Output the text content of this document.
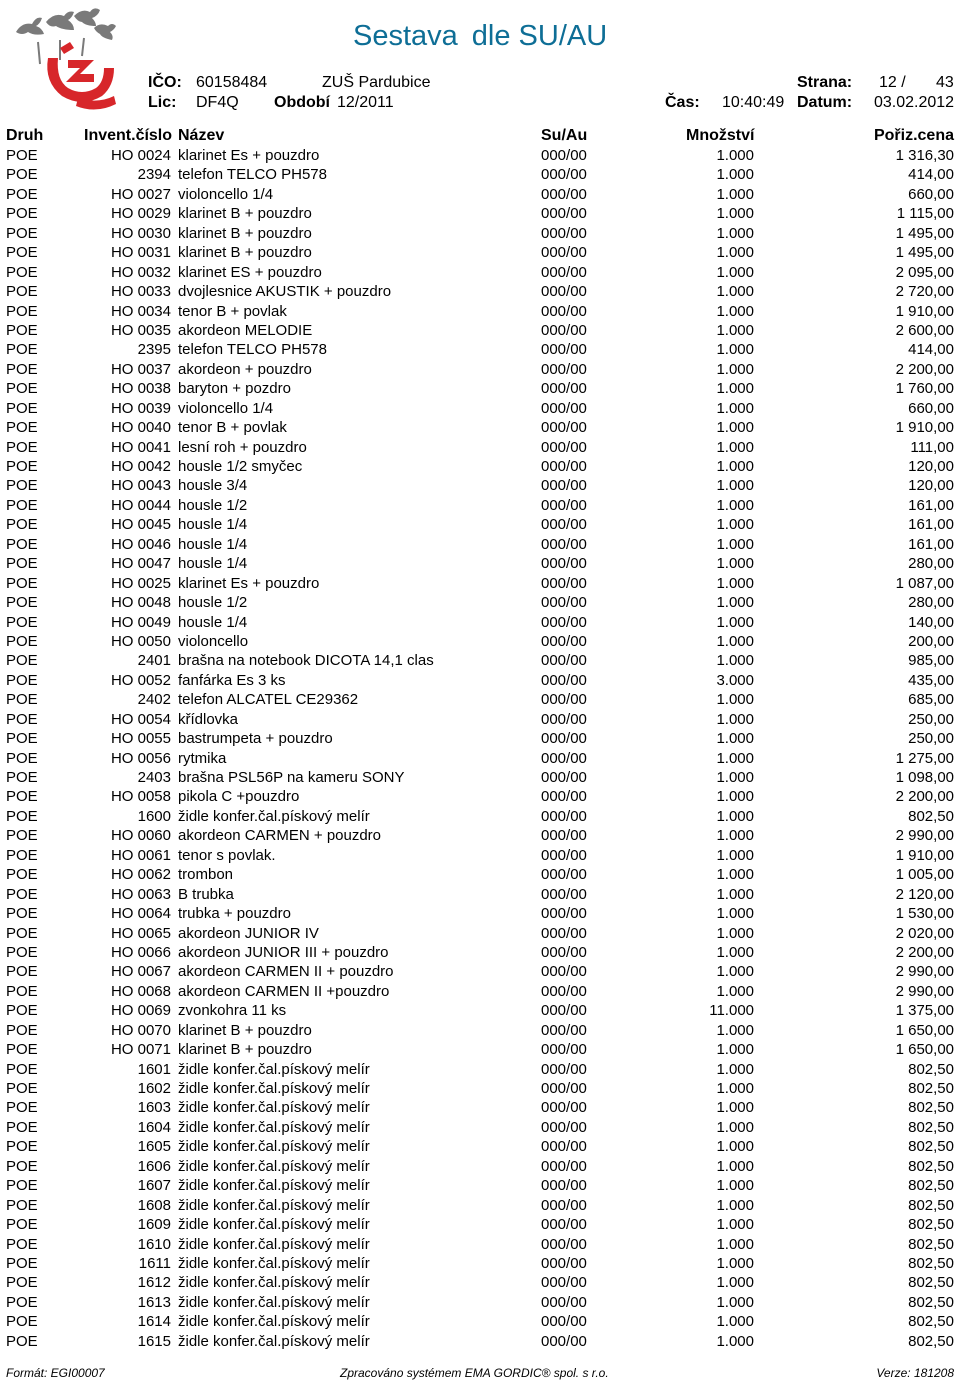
Sestava dle SU/AU
IČO: 60158484	ZUŠ Pardubice	Strana: 12 / 43
Lic: DF4Q Období 12/2011	Čas: 10:40:49 Datum: 03.02.2012
Druh	Invent.číslo Název	Su/Au	Množství	Pořiz.cena
POE	HO 0024 klarinet Es + pouzdro	000/00	1.000	1 316,30
POE	2394 telefon TELCO PH578	000/00	1.000	414,00
POE	HO 0027 violoncello 1/4	000/00	1.000	660,00
POE	HO 0029 klarinet B + pouzdro	000/00	1.000	1 115,00
POE	HO 0030 klarinet B + pouzdro	000/00	1.000	1 495,00
POE	HO 0031 klarinet B + pouzdro	000/00	1.000	1 495,00
POE	HO 0032 klarinet ES + pouzdro	000/00	1.000	2 095,00
POE	HO 0033 dvojlesnice AKUSTIK + pouzdro	000/00	1.000	2 720,00
POE	HO 0034 tenor B + povlak	000/00	1.000	1 910,00
POE	HO 0035 akordeon MELODIE	000/00	1.000	2 600,00
POE	2395 telefon TELCO PH578	000/00	1.000	414,00
POE	HO 0037 akordeon + pouzdro	000/00	1.000	2 200,00
POE	HO 0038 baryton + pozdro	000/00	1.000	1 760,00
POE	HO 0039 violoncello 1/4	000/00	1.000	660,00
POE	HO 0040 tenor B + povlak	000/00	1.000	1 910,00
POE	HO 0041 lesní roh + pouzdro	000/00	1.000	111,00
POE	HO 0042 housle 1/2 smyčec	000/00	1.000	120,00
POE	HO 0043 housle 3/4	000/00	1.000	120,00
POE	HO 0044 housle 1/2	000/00	1.000	161,00
POE	HO 0045 housle 1/4	000/00	1.000	161,00
POE	HO 0046 housle 1/4	000/00	1.000	161,00
POE	HO 0047 housle 1/4	000/00	1.000	280,00
POE	HO 0025 klarinet Es + pouzdro	000/00	1.000	1 087,00
POE	HO 0048 housle 1/2	000/00	1.000	280,00
POE	HO 0049 housle 1/4	000/00	1.000	140,00
POE	HO 0050 violoncello	000/00	1.000	200,00
POE	2401 brašna na notebook DICOTA 14,1 clas	000/00	1.000	985,00
POE	HO 0052 fanfárka Es 3 ks	000/00	3.000	435,00
POE	2402 telefon ALCATEL CE29362	000/00	1.000	685,00
POE	HO 0054 křídlovka	000/00	1.000	250,00
POE	HO 0055 bastrumpeta + pouzdro	000/00	1.000	250,00
POE	HO 0056 rytmika	000/00	1.000	1 275,00
POE	2403 brašna PSL56P na kameru SONY	000/00	1.000	1 098,00
POE	HO 0058 pikola C +pouzdro	000/00	1.000	2 200,00
POE	1600 židle konfer.čal.pískový melír	000/00	1.000	802,50
POE	HO 0060 akordeon CARMEN + pouzdro	000/00	1.000	2 990,00
POE	HO 0061 tenor s povlak.	000/00	1.000	1 910,00
POE	HO 0062 trombon	000/00	1.000	1 005,00
POE	HO 0063 B trubka	000/00	1.000	2 120,00
POE	HO 0064 trubka + pouzdro	000/00	1.000	1 530,00
POE	HO 0065 akordeon JUNIOR IV	000/00	1.000	2 020,00
POE	HO 0066 akordeon JUNIOR III + pouzdro	000/00	1.000	2 200,00
POE	HO 0067 akordeon CARMEN II + pouzdro	000/00	1.000	2 990,00
POE	HO 0068 akordeon CARMEN II +pouzdro	000/00	1.000	2 990,00
POE	HO 0069 zvonkohra 11 ks	000/00	11.000	1 375,00
POE	HO 0070 klarinet B + pouzdro	000/00	1.000	1 650,00
POE	HO 0071 klarinet B + pouzdro	000/00	1.000	1 650,00
POE	1601 židle konfer.čal.pískový melír	000/00	1.000	802,50
POE	1602 židle konfer.čal.pískový melír	000/00	1.000	802,50
POE	1603 židle konfer.čal.pískový melír	000/00	1.000	802,50
POE	1604 židle konfer.čal.pískový melír	000/00	1.000	802,50
POE	1605 židle konfer.čal.pískový melír	000/00	1.000	802,50
POE	1606 židle konfer.čal.pískový melír	000/00	1.000	802,50
POE	1607 židle konfer.čal.pískový melír	000/00	1.000	802,50
POE	1608 židle konfer.čal.pískový melír	000/00	1.000	802,50
POE	1609 židle konfer.čal.pískový melír	000/00	1.000	802,50
POE	1610 židle konfer.čal.pískový melír	000/00	1.000	802,50
POE	1611 židle konfer.čal.pískový melír	000/00	1.000	802,50
POE	1612 židle konfer.čal.pískový melír	000/00	1.000	802,50
POE	1613 židle konfer.čal.pískový melír	000/00	1.000	802,50
POE	1614 židle konfer.čal.pískový melír	000/00	1.000	802,50
POE	1615 židle konfer.čal.pískový melír	000/00	1.000	802,50
Formát: EGI00007	Zpracováno systémem EMA GORDIC® spol. s r.o.	Verze: 181208
